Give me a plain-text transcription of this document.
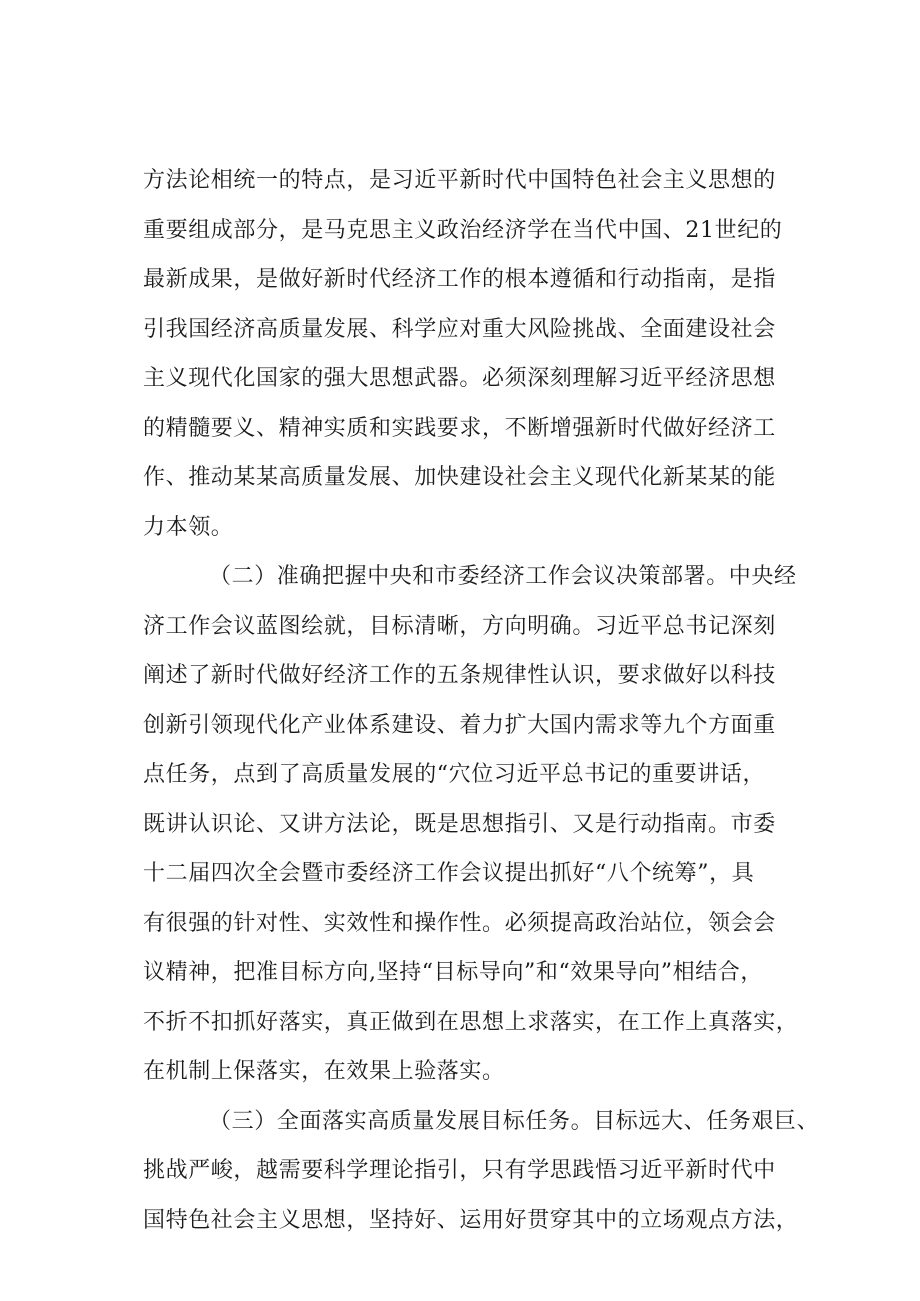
方法论相统一的特点，是习近平新时代中国特色社会主义思想的
重要组成部分，是马克思主义政治经济学在当代中国、21世纪的
最新成果，是做好新时代经济工作的根本遵循和行动指南，是指
引我国经济高质量发展、科学应对重大风险挑战、全面建设社会
主义现代化国家的强大思想武器。必须深刻理解习近平经济思想
的精髓要义、精神实质和实践要求，不断增强新时代做好经济工
作、推动某某高质量发展、加快建设社会主义现代化新某某的能
力本领。
（二）准确把握中央和市委经济工作会议决策部署。中央经
济工作会议蓝图绘就，目标清晰，方向明确。习近平总书记深刻
阐述了新时代做好经济工作的五条规律性认识，要求做好以科技
创新引领现代化产业体系建设、着力扩大国内需求等九个方面重
点任务，点到了高质量发展的“穴位习近平总书记的重要讲话，
既讲认识论、又讲方法论，既是思想指引、又是行动指南。市委
十二届四次全会暨市委经济工作会议提出抓好“八个统筹”，具
有很强的针对性、实效性和操作性。必须提高政治站位，领会会
议精神，把准目标方向,坚持“目标导向”和“效果导向”相结合，
不折不扣抓好落实，真正做到在思想上求落实，在工作上真落实，
在机制上保落实，在效果上验落实。
（三）全面落实高质量发展目标任务。目标远大、任务艰巨、
挑战严峻，越需要科学理论指引，只有学思践悟习近平新时代中
国特色社会主义思想，坚持好、运用好贯穿其中的立场观点方法，
